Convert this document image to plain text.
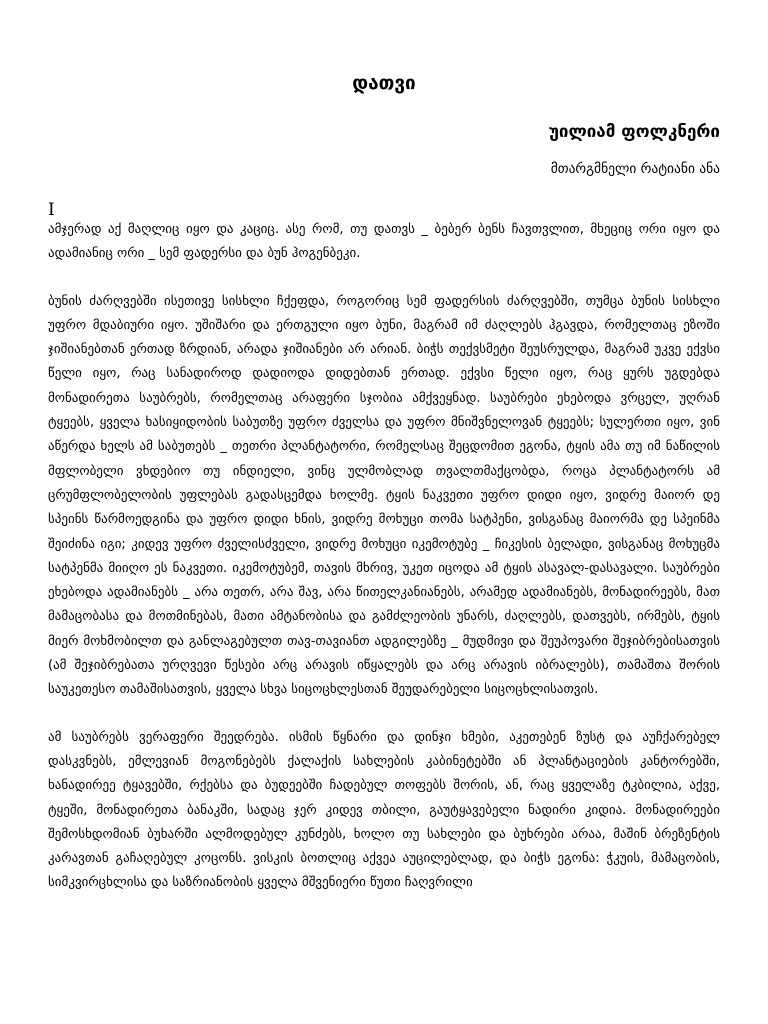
დათვი
უილიამ ფოლკნერი
მთარგმნელი რატიანი ანა
I

ამჯერად აქ მაღლიც იყო და კაციც. ასე რომ, თუ დათვს _ ბებერ ბენს ჩავთვლით, მხეციც ორი იყო და ადამიანიც ორი _ სემ ფადერსი და ბუნ ჰოგენბეკი.

ბუნის ძარღვებში ისეთივე სისხლი ჩქეფდა, როგორიც სემ ფადერსის ძარღვებში, თუმცა ბუნის სისხლი უფრო მდაბიური იყო. უშიშარი და ერთგული იყო ბუნი, მაგრამ იმ ძაღლებს ჰგავდა, რომელთაც ეზოში ჯიშიანებთან ერთად ზრდიან, არადა ჯიშიანები არ არიან. ბიჭს თექვსმეტი შეუსრულდა, მაგრამ უკვე ექვსი წელი იყო, რაც სანადიროდ დადიოდა დიდებთან ერთად. ექვსი წელი იყო, რაც ყურს უგდებდა მონადირეთა საუბრებს, რომელთაც არაფერი სჯობია ამქვეყნად. საუბრები ეხებოდა ვრცელ, უღრან ტყეებს, ყველა ხასიყიდობის საბუთზე უფრო ძველსა და უფრო მნიშვნელოვან ტყეებს; სულერთი იყო, ვინ აწერდა ხელს ამ საბუთებს _ თეთრი პლანტატორი, რომელსაც შეცდომით ეგონა, ტყის ამა თუ იმ ნაწილის მფლობელი ვხდებიო თუ ინდიელი, ვინც ულმობლად თვალთმაქცობდა, როცა პლანტატორს ამ ცრუმფლობელობის უფლებას გადასცემდა ხოლმე. ტყის ნაკვეთი უფრო დიდი იყო, ვიდრე მაიორ დე სპეინს წარმოედგინა და უფრო დიდი ხნის, ვიდრე მოხუცი თომა სატპენი, ვისგანაც მაიორმა დე სპეინმა შეიძინა იგი; კიდევ უფრო ძველისძველი, ვიდრე მოხუცი იკემოტუბე _ ჩიკესის ბელადი, ვისგანაც მოხუცმა სატპენმა მიიღო ეს ნაკვეთი. იკემოტუბემ, თავის მხრივ, უკეთ იცოდა ამ ტყის ასავალ-დასავალი. საუბრები ეხებოდა ადამიანებს _ არა თეთრ, არა შავ, არა წითელკანიანებს, არამედ ადამიანებს, მონადირეებს, მათ მამაცობასა და მოთმინებას, მათი ამტანობისა და გამძლეობის უნარს, ძაღლებს, დათვებს, ირმებს, ტყის მიერ მოხმობილთ და განლაგებულთ თავ-თავიანთ ადგილებზე _ მუდმივი და შეუპოვარი შეჯიბრებისათვის (ამ შეჯიბრებათა ურღვევი წესები არც არავის იწყალებს და არც არავის იბრალებს), თამაშთა შორის საუკეთესო თამაშისათვის, ყველა სხვა სიცოცხლესთან შეუდარებელი სიცოცხლისათვის.

ამ საუბრებს ვერაფერი შეედრება. ისმის წყნარი და დინჯი ხმები, აკეთებენ ზუსტ და აუჩქარებელ დასკვნებს, ემლევიან მოგონებებს ქალაქის სახლების კაბინეტებში ან პლანტაციების კანტორებში, ხანადირეე ტყავებში, რქებსა და ბუდეებში ჩადებულ თოფებს შორის, ან, რაც ყველაზე ტკბილია, აქვე, ტყეში, მონადირეთა ბანაკში, სადაც ჯერ კიდევ თბილი, გაუტყავებელი ნადირი კიდია. მონადირეები შემოსხდომიან ბუხარში ალმოდებულ კუნძებს, ხოლო თუ სახლები და ბუხრები არაა, მაშინ ბრეზენტის კარავთან გაჩაღებულ კოცონს. ვისკის ბოთლიც აქვეა აუცილებლად, და ბიჭს ეგონა: ჭკუის, მამაცობის, სიმკვირცხლისა და საზრიანობის ყველა მშვენიერი წუთი ჩაღვრილი
